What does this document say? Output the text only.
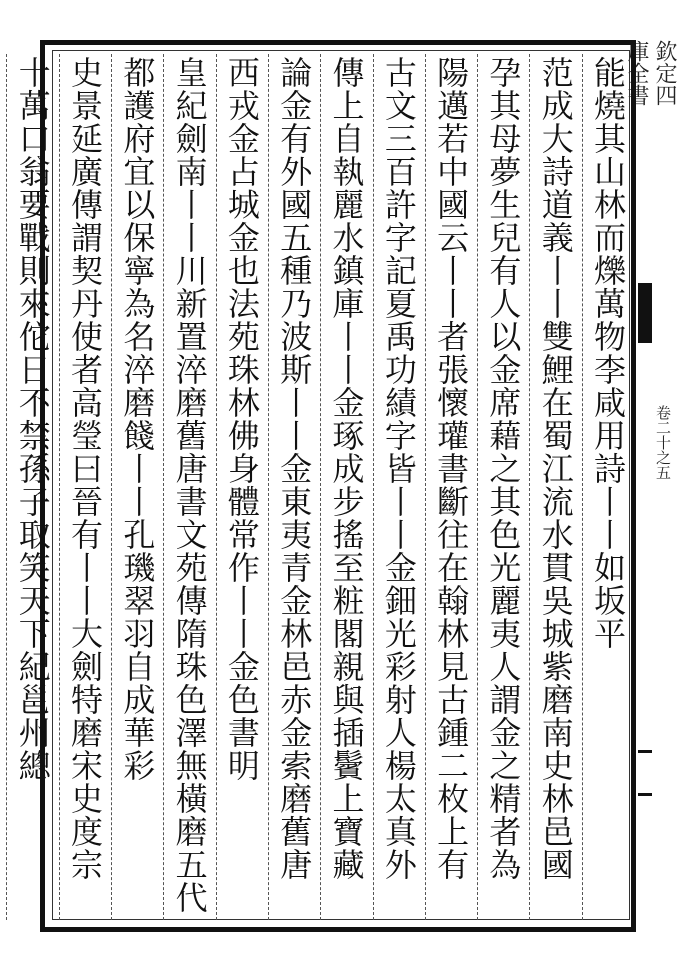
欽定四庫全書
卷二十之五
能燒其山林而爍萬物李咸用詩丨丨如坂平
范成大詩道義丨丨雙鯉在蜀江流水貫吳城紫磨南史林邑國
孕其母夢生兒有人以金席藉之其色光麗夷人謂金之精者為
陽邁若中國云丨丨者張懷瓘書斷往在翰林見古鍾二枚上有
古文三百許字記夏禹功績字皆丨丨金鈿光彩射人楊太真外
傳上自執麗水鎮庫丨丨金琢成步搖至粧閣親與插鬢上寶藏
論金有外國五種乃波斯丨丨金東夷青金林邑赤金索磨舊唐
西戎金占城金也法苑珠林佛身體常作丨丨金色書明
皇紀劍南丨丨川新置淬磨舊唐書文苑傳隋珠色澤無橫磨五代
都護府宜以保寧為名淬磨餞丨丨孔璣翠羽自成華彩
史景延廣傳謂契丹使者高瑩曰晉有丨丨大劍特磨宋史度宗
十萬口翁要戰則來佗日不禁孫子取笑天下紀邕州總
